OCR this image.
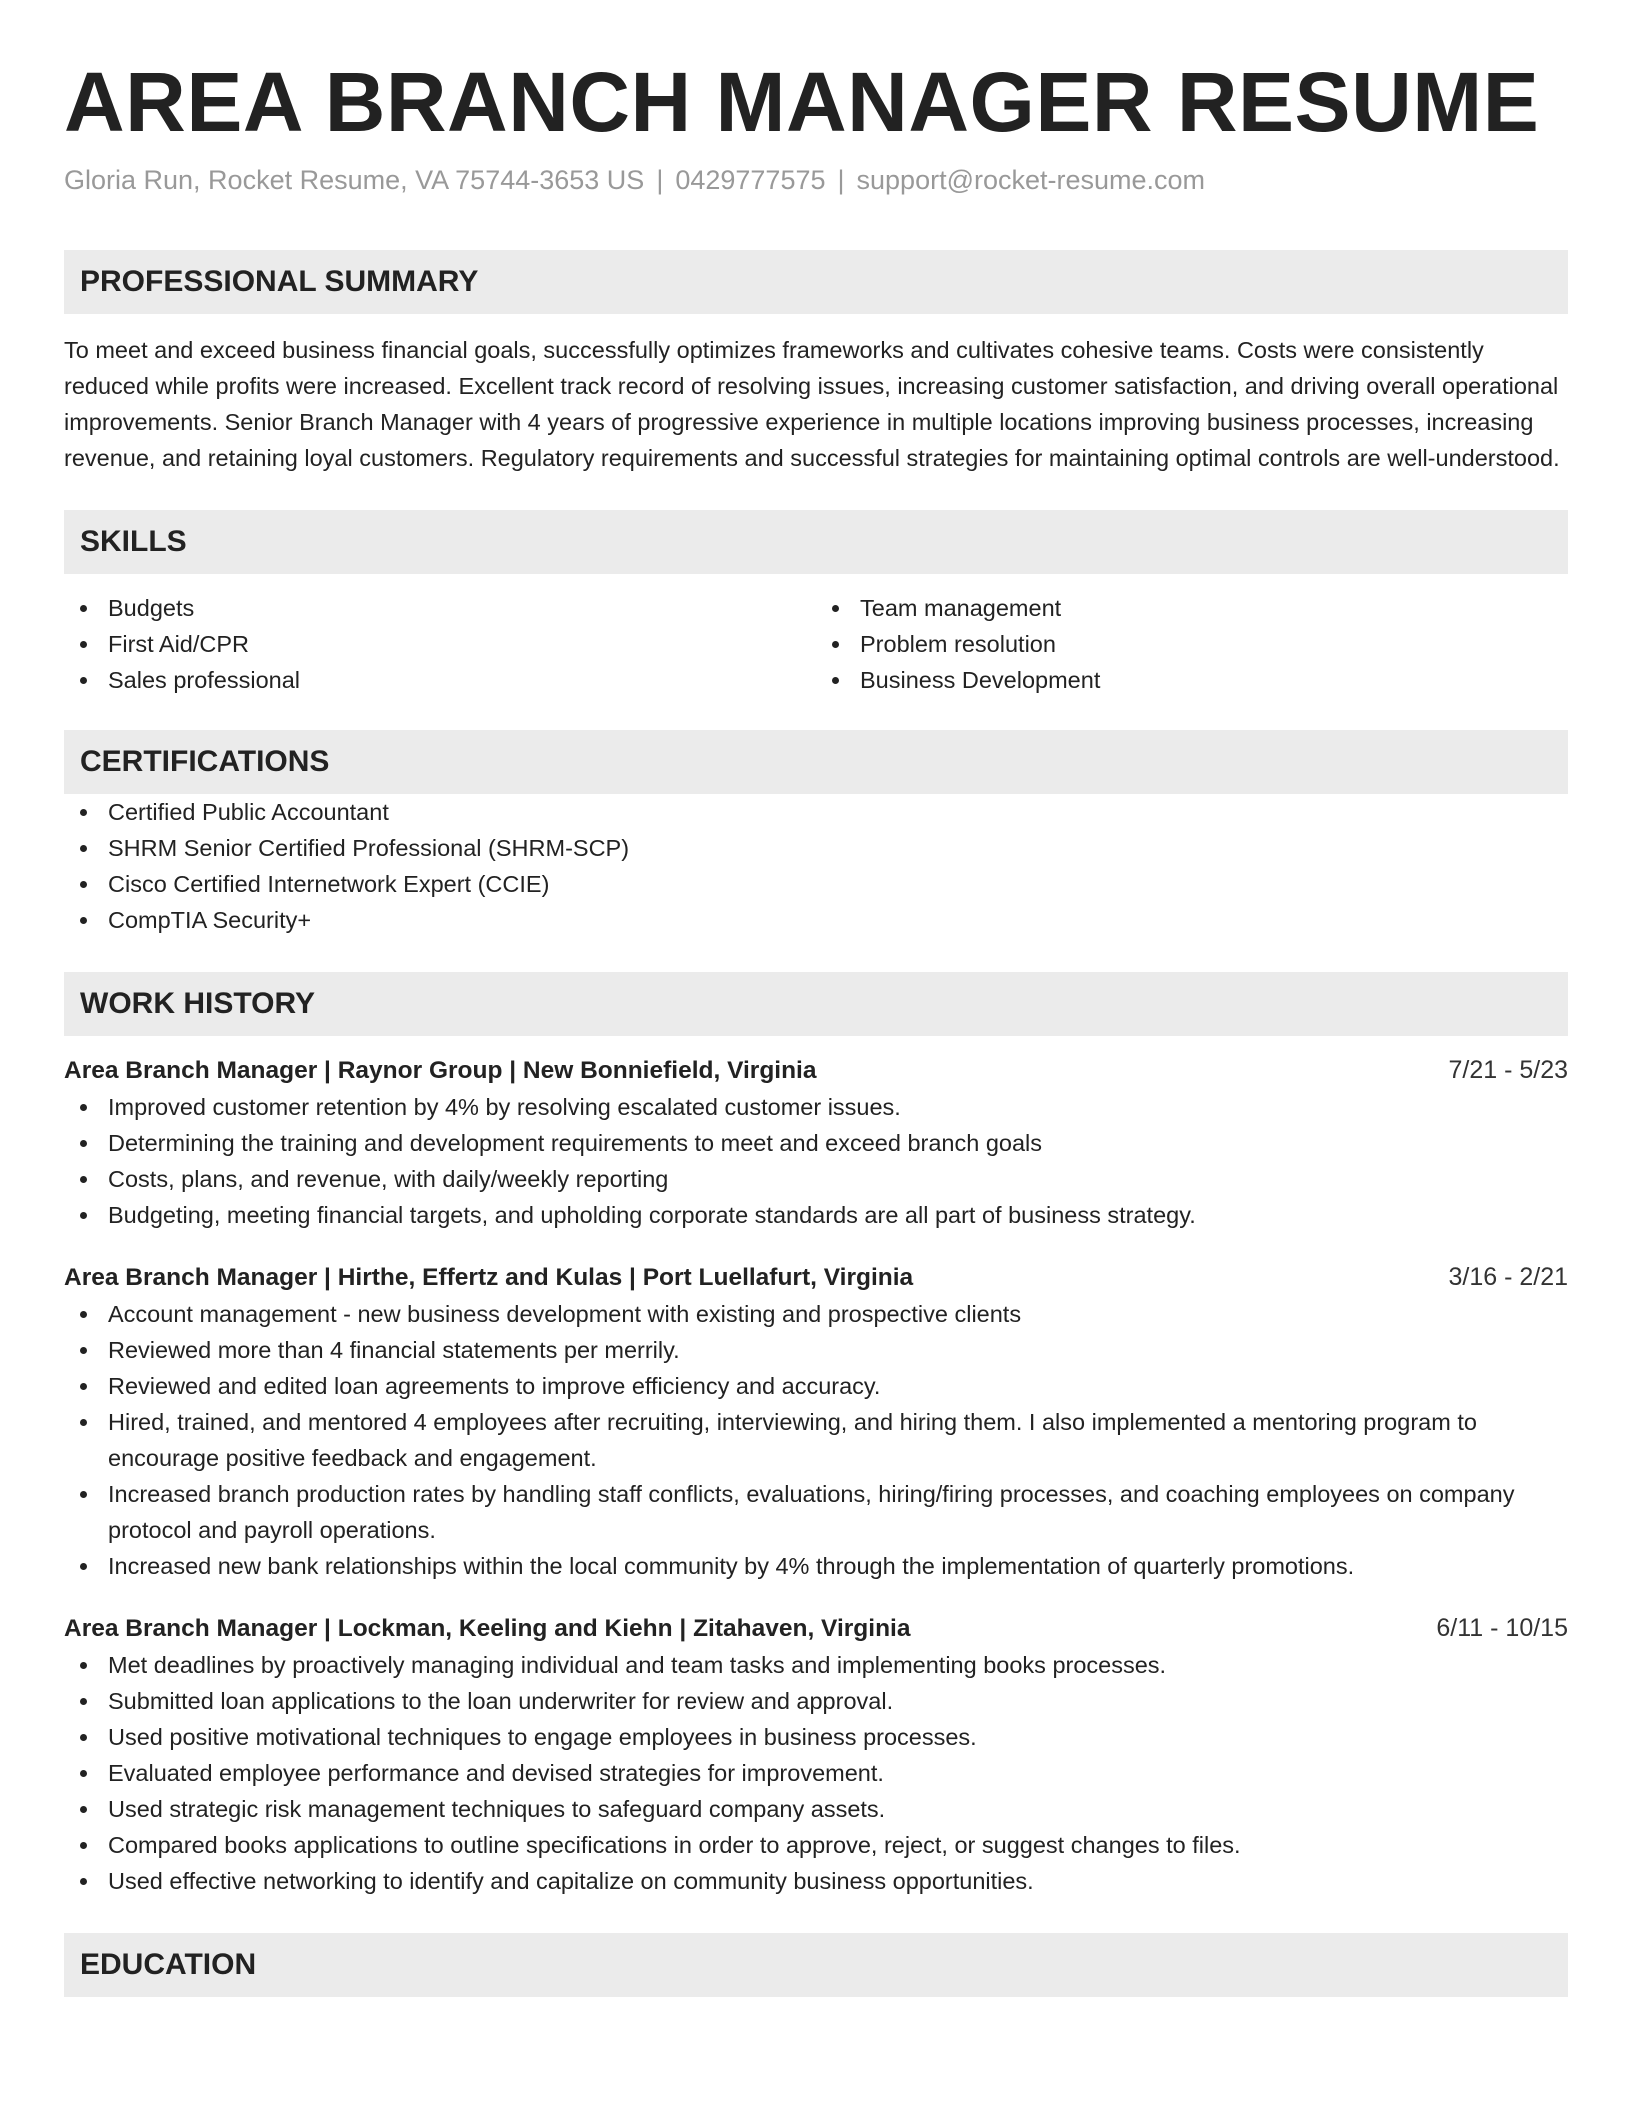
AREA BRANCH MANAGER RESUME
Gloria Run, Rocket Resume, VA 75744-3653 US | 0429777575 | support@rocket-resume.com
PROFESSIONAL SUMMARY

To meet and exceed business financial goals, successfully optimizes frameworks and cultivates cohesive teams. Costs were consistently reduced while profits were increased. Excellent track record of resolving issues, increasing customer satisfaction, and driving overall operational improvements. Senior Branch Manager with 4 years of progressive experience in multiple locations improving business processes, increasing revenue, and retaining loyal customers. Regulatory requirements and successful strategies for maintaining optimal controls are well-understood.

SKILLS
Budgets
First Aid/CPR
Sales professional
Team management
Problem resolution
Business Development
CERTIFICATIONS
Certified Public Accountant
SHRM Senior Certified Professional (SHRM-SCP)
Cisco Certified Internetwork Expert (CCIE)
CompTIA Security+
WORK HISTORY
Area Branch Manager | Raynor Group | New Bonniefield, Virginia	7/21 - 5/23
Improved customer retention by 4% by resolving escalated customer issues.
Determining the training and development requirements to meet and exceed branch goals
Costs, plans, and revenue, with daily/weekly reporting
Budgeting, meeting financial targets, and upholding corporate standards are all part of business strategy.
Area Branch Manager | Hirthe, Effertz and Kulas | Port Luellafurt, Virginia	3/16 - 2/21
Account management - new business development with existing and prospective clients
Reviewed more than 4 financial statements per merrily.
Reviewed and edited loan agreements to improve efficiency and accuracy.
Hired, trained, and mentored 4 employees after recruiting, interviewing, and hiring them. I also implemented a mentoring program to encourage positive feedback and engagement.
Increased branch production rates by handling staff conflicts, evaluations, hiring/firing processes, and coaching employees on company protocol and payroll operations.
Increased new bank relationships within the local community by 4% through the implementation of quarterly promotions.
Area Branch Manager | Lockman, Keeling and Kiehn | Zitahaven, Virginia	6/11 - 10/15
Met deadlines by proactively managing individual and team tasks and implementing books processes.
Submitted loan applications to the loan underwriter for review and approval.
Used positive motivational techniques to engage employees in business processes.
Evaluated employee performance and devised strategies for improvement.
Used strategic risk management techniques to safeguard company assets.
Compared books applications to outline specifications in order to approve, reject, or suggest changes to files.
Used effective networking to identify and capitalize on community business opportunities.
EDUCATION
